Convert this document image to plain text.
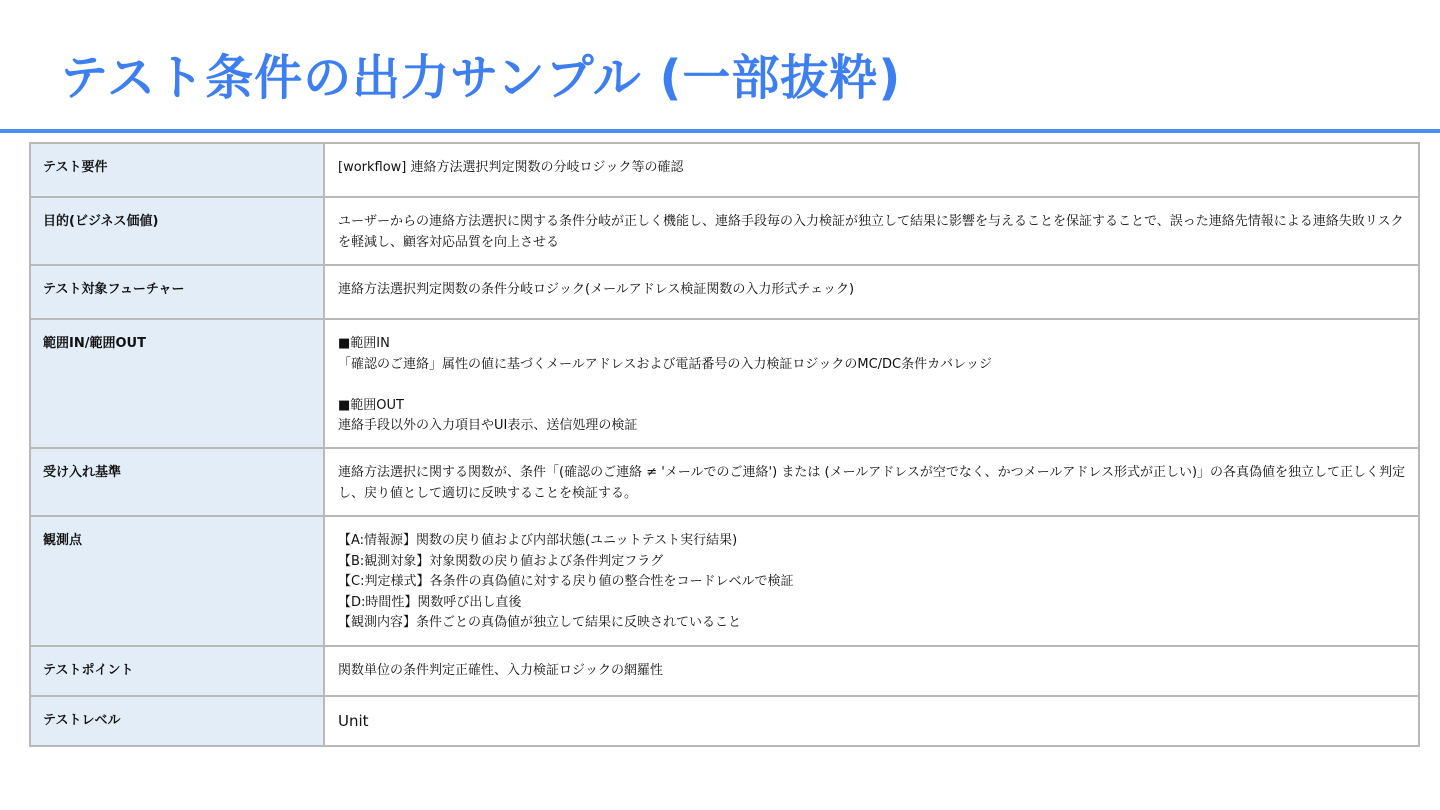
テスト条件の出力サンプル (一部抜粋)
テスト要件	[workflow] 連絡方法選択判定関数の分岐ロジック等の確認
目的(ビジネス価値)	ユーザーからの連絡方法選択に関する条件分岐が正しく機能し、連絡手段毎の入力検証が独立して結果に影響を与えることを保証することで、誤った連絡先情報による連絡失敗リスクを軽減し、顧客対応品質を向上させる
テスト対象フューチャー	連絡方法選択判定関数の条件分岐ロジック(メールアドレス検証関数の入力形式チェック)
範囲IN/範囲OUT	■範囲IN
「確認のご連絡」属性の値に基づくメールアドレスおよび電話番号の入力検証ロジックのMC/DC条件カバレッジ

■範囲OUT
連絡手段以外の入力項目やUI表示、送信処理の検証
受け入れ基準	連絡方法選択に関する関数が、条件「(確認のご連絡 ≠ 'メールでのご連絡') または (メールアドレスが空でなく、かつメールアドレス形式が正しい)」の各真偽値を独立して正しく判定し、戻り値として適切に反映することを検証する。
観測点	【A:情報源】関数の戻り値および内部状態(ユニットテスト実行結果)
【B:観測対象】対象関数の戻り値および条件判定フラグ
【C:判定様式】各条件の真偽値に対する戻り値の整合性をコードレベルで検証
【D:時間性】関数呼び出し直後
【観測内容】条件ごとの真偽値が独立して結果に反映されていること
テストポイント	関数単位の条件判定正確性、入力検証ロジックの網羅性
テストレベル	Unit
